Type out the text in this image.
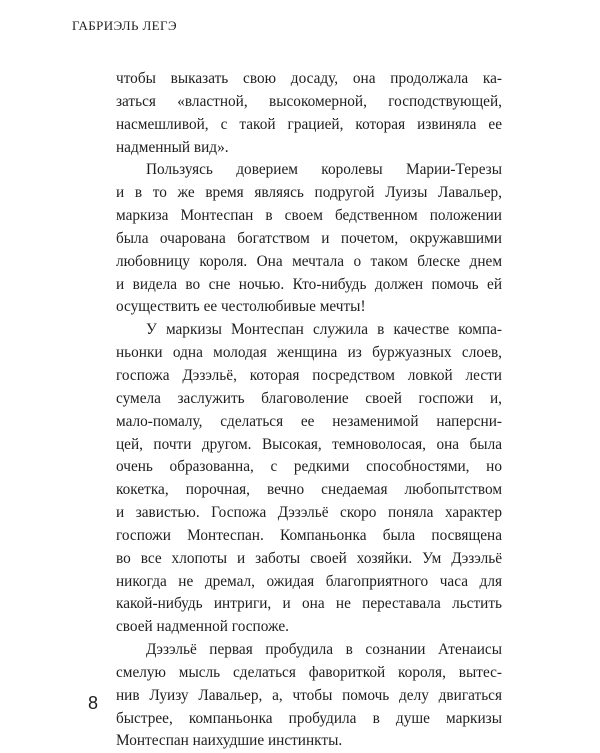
ГАБРИЭЛЬ ЛЕГЭ
чтобы выказать свою досаду, она продолжала ка-
заться «властной, высокомерной, господствующей,
насмешливой, с такой грацией, которая извиняла ее
надменный вид».
Пользуясь доверием королевы Марии-Терезы
и в то же время являясь подругой Луизы Лавальер,
маркиза Монтеспан в своем бедственном положении
была очарована богатством и почетом, окружавшими
любовницу короля. Она мечтала о таком блеске днем
и видела во сне ночью. Кто-нибудь должен помочь ей
осуществить ее честолюбивые мечты!
У маркизы Монтеспан служила в качестве компа-
ньонки одна молодая женщина из буржуазных слоев,
госпожа Дэзэльё, которая посредством ловкой лести
сумела заслужить благоволение своей госпожи и,
мало-помалу, сделаться ее незаменимой наперсни-
цей, почти другом. Высокая, темноволосая, она была
очень образованна, с редкими способностями, но
кокетка, порочная, вечно снедаемая любопытством
и завистью. Госпожа Дэзэльё скоро поняла характер
госпожи Монтеспан. Компаньонка была посвящена
во все хлопоты и заботы своей хозяйки. Ум Дэзэльё
никогда не дремал, ожидая благоприятного часа для
какой-нибудь интриги, и она не переставала льстить
своей надменной госпоже.
Дэзэльё первая пробудила в сознании Атенаисы
смелую мысль сделаться фавориткой короля, вытес-
нив Луизу Лавальер, а, чтобы помочь делу двигаться
быстрее, компаньонка пробудила в душе маркизы
Монтеспан наихудшие инстинкты.
8
